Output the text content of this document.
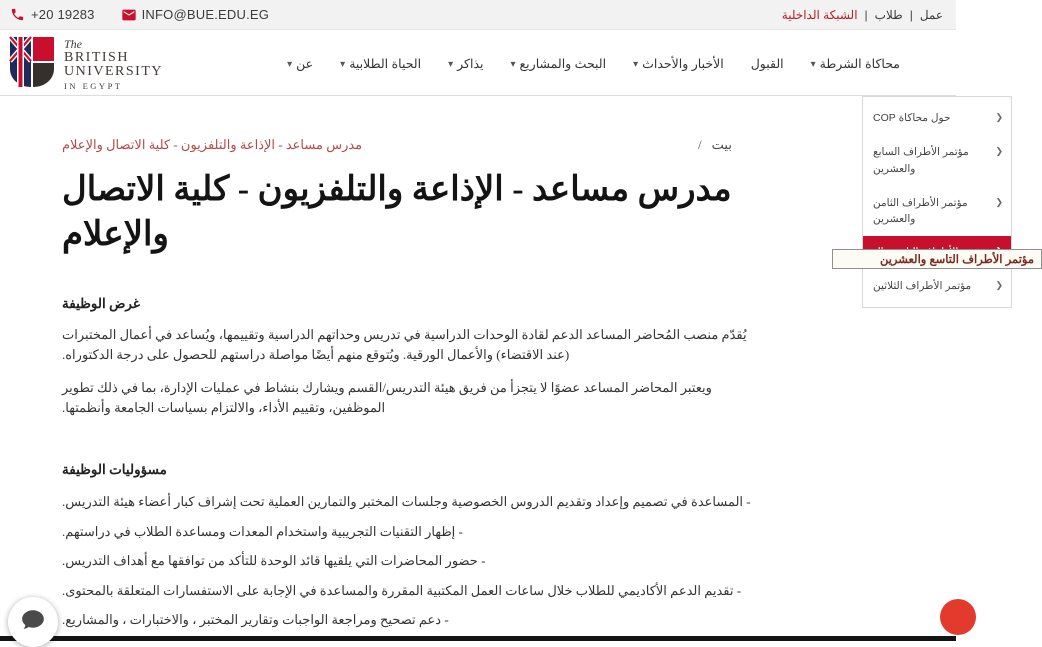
+20 19283	INFO@BUE.EDU.EG	عمل
|
طلاب
|
الشبكة الداخلية
The
BRITISH
UNIVERSITY
IN EGYPT
محاكاة الشرطة
▾
القبول
الأخبار والأحداث
▾
البحث والمشاريع
▾
يذاكر
▾
الحياة الطلابية
▾
عن
▾
حول محاكاة COP
مؤتمر الأطراف السابع والعشرين
مؤتمر الأطراف الثامن والعشرين
مؤتمر الأطراف الثلاثين
مؤتمر الأطراف التاسع والعشرين
مدرس مساعد - الإذاعة والتلفزيون - كلية الاتصال والإعلام	بيت
/
مدرس مساعد - الإذاعة والتلفزيون - كلية الاتصال والإعلام
غرض الوظيفة

يُقدّم منصب المُحاضر المساعد الدعم لقادة الوحدات الدراسية في تدريس وحداتهم الدراسية وتقييمها، ويُساعد في أعمال المختبرات (عند الاقتضاء) والأعمال الورقية. ويُتوقع منهم أيضًا مواصلة دراستهم للحصول على درجة الدكتوراه.

ويعتبر المحاضر المساعد عضوًا لا يتجزأ من فريق هيئة التدريس/القسم ويشارك بنشاط في عمليات الإدارة، بما في ذلك تطوير الموظفين، وتقييم الأداء، والالتزام بسياسات الجامعة وأنظمتها.

مسؤوليات الوظيفة
- المساعدة في تصميم وإعداد وتقديم الدروس الخصوصية وجلسات المختبر والتمارين العملية تحت إشراف كبار أعضاء هيئة التدريس.
- إظهار التقنيات التجريبية واستخدام المعدات ومساعدة الطلاب في دراستهم.
- حضور المحاضرات التي يلقيها قائد الوحدة للتأكد من توافقها مع أهداف التدريس.
- تقديم الدعم الأكاديمي للطلاب خلال ساعات العمل المكتبية المقررة والمساعدة في الإجابة على الاستفسارات المتعلقة بالمحتوى.
- دعم تصحيح ومراجعة الواجبات وتقارير المختبر ، والاختبارات ، والمشاريع.
